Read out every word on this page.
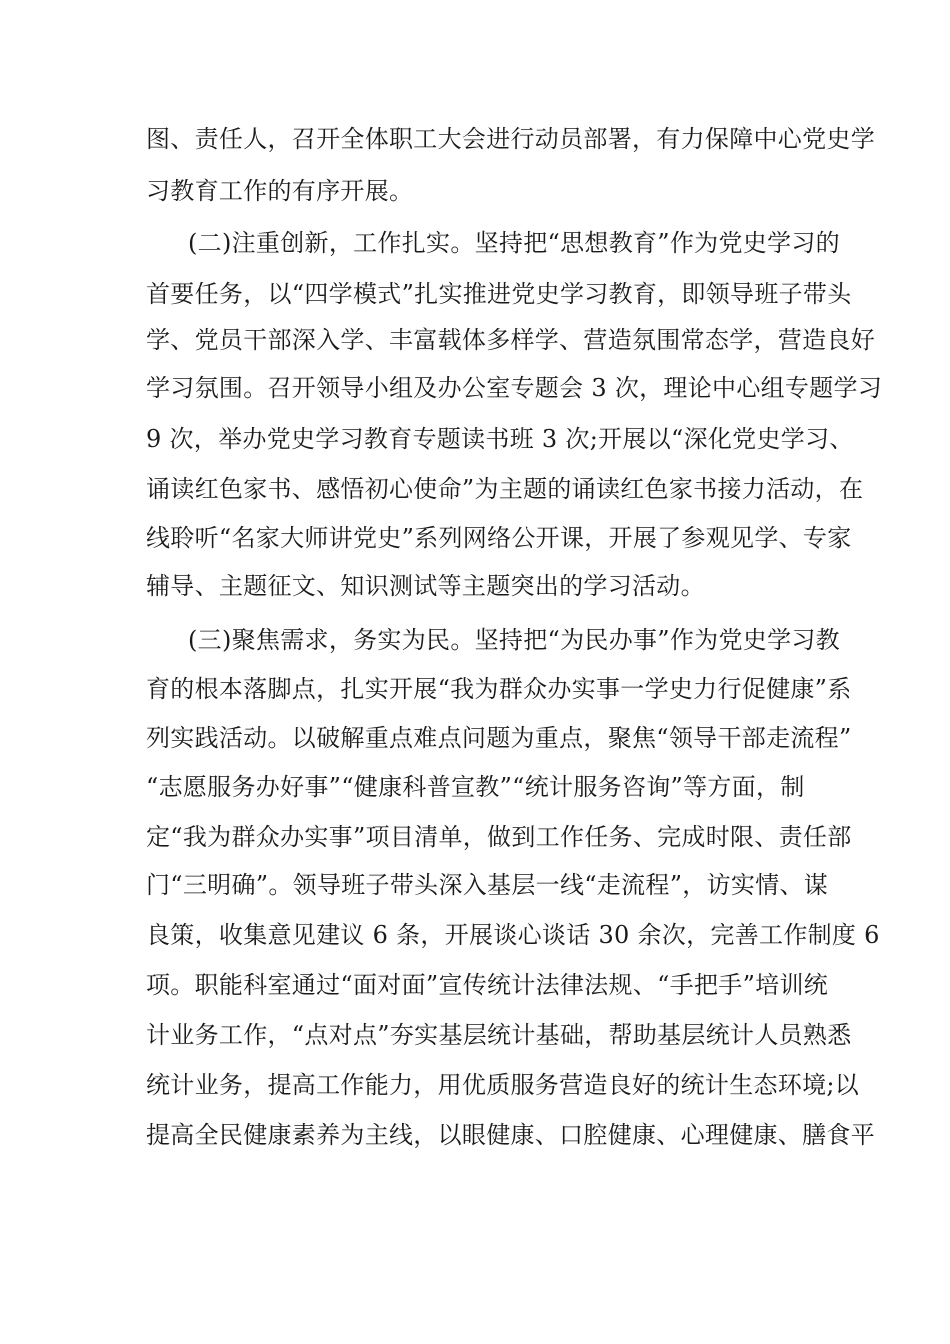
图、责任人，召开全体职工大会进行动员部署，有力保障中心党史学
习教育工作的有序开展。
(二)注重创新，工作扎实。坚持把“思想教育”作为党史学习的
首要任务，以“四学模式”扎实推进党史学习教育，即领导班子带头
学、党员干部深入学、丰富载体多样学、营造氛围常态学，营造良好
学习氛围。召开领导小组及办公室专题会 3 次，理论中心组专题学习
9 次，举办党史学习教育专题读书班 3 次;开展以“深化党史学习、
诵读红色家书、感悟初心使命”为主题的诵读红色家书接力活动，在
线聆听“名家大师讲党史”系列网络公开课，开展了参观见学、专家
辅导、主题征文、知识测试等主题突出的学习活动。
(三)聚焦需求，务实为民。坚持把“为民办事”作为党史学习教
育的根本落脚点，扎实开展“我为群众办实事一学史力行促健康”系
列实践活动。以破解重点难点问题为重点，聚焦“领导干部走流程”
“志愿服务办好事”“健康科普宣教”“统计服务咨询”等方面，制
定“我为群众办实事”项目清单，做到工作任务、完成时限、责任部
门“三明确”。领导班子带头深入基层一线“走流程”，访实情、谋
良策，收集意见建议 6 条，开展谈心谈话 30 余次，完善工作制度 6
项。职能科室通过“面对面”宣传统计法律法规、“手把手”培训统
计业务工作，“点对点”夯实基层统计基础，帮助基层统计人员熟悉
统计业务，提高工作能力，用优质服务营造良好的统计生态环境;以
提高全民健康素养为主线，以眼健康、口腔健康、心理健康、膳食平
